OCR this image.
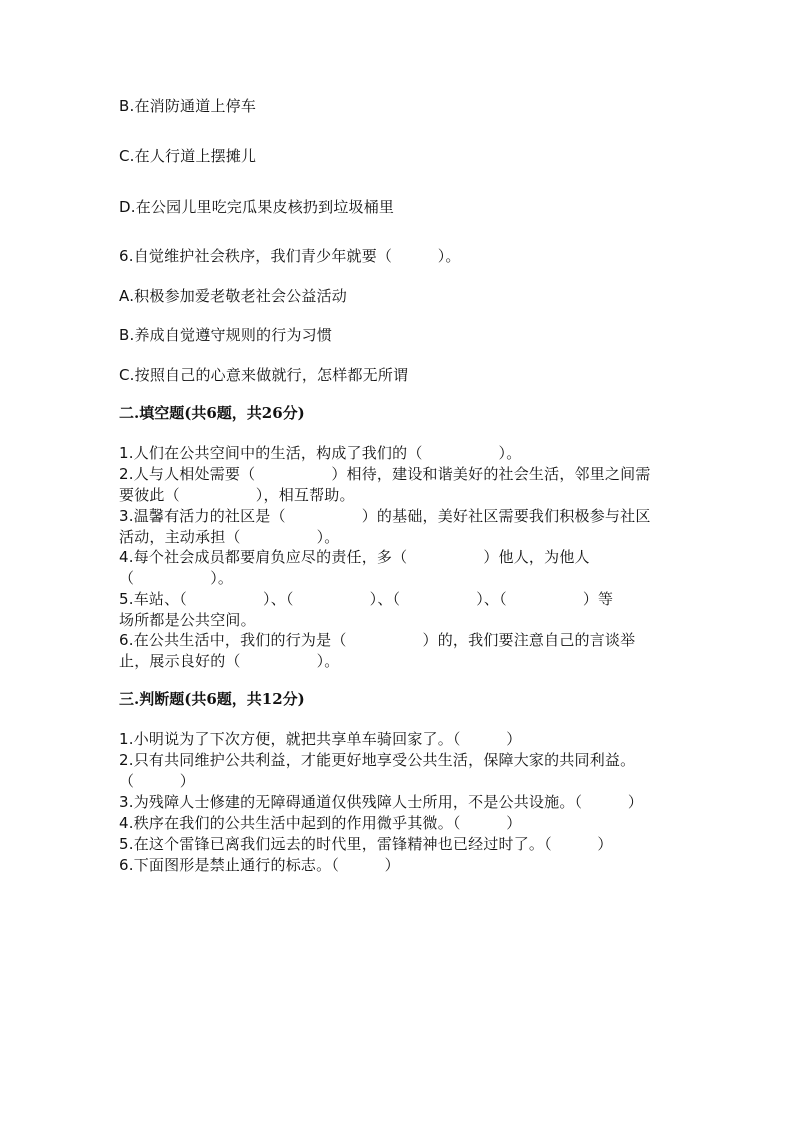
B.在消防通道上停车
C.在人行道上摆摊儿
D.在公园儿里吃完瓜果皮核扔到垃圾桶里
6.自觉维护社会秩序，我们青少年就要（　　　）。
A.积极参加爱老敬老社会公益活动
B.养成自觉遵守规则的行为习惯
C.按照自己的心意来做就行，怎样都无所谓
二.填空题(共6题，共26分)
1.人们在公共空间中的生活，构成了我们的（　　　　　）。
2.人与人相处需要（　　　　　）相待，建设和谐美好的社会生活，邻里之间需
要彼此（　　　　　），相互帮助。
3.温馨有活力的社区是（　　　　　）的基础，美好社区需要我们积极参与社区
活动，主动承担（　　　　　）。
4.每个社会成员都要肩负应尽的责任，多（　　　　　）他人，为他人
（　　　　　）。
5.车站、（　　　　　）、（　　　　　）、（　　　　　）、（　　　　　）等
场所都是公共空间。
6.在公共生活中，我们的行为是（　　　　　）的，我们要注意自己的言谈举
止，展示良好的（　　　　　）。
三.判断题(共6题，共12分)
1.小明说为了下次方便，就把共享单车骑回家了。（　　　）
2.只有共同维护公共利益，才能更好地享受公共生活，保障大家的共同利益。
（　　　）
3.为残障人士修建的无障碍通道仅供残障人士所用，不是公共设施。（　　　）
4.秩序在我们的公共生活中起到的作用微乎其微。（　　　）
5.在这个雷锋已离我们远去的时代里，雷锋精神也已经过时了。（　　　）
6.下面图形是禁止通行的标志。（　　　）
